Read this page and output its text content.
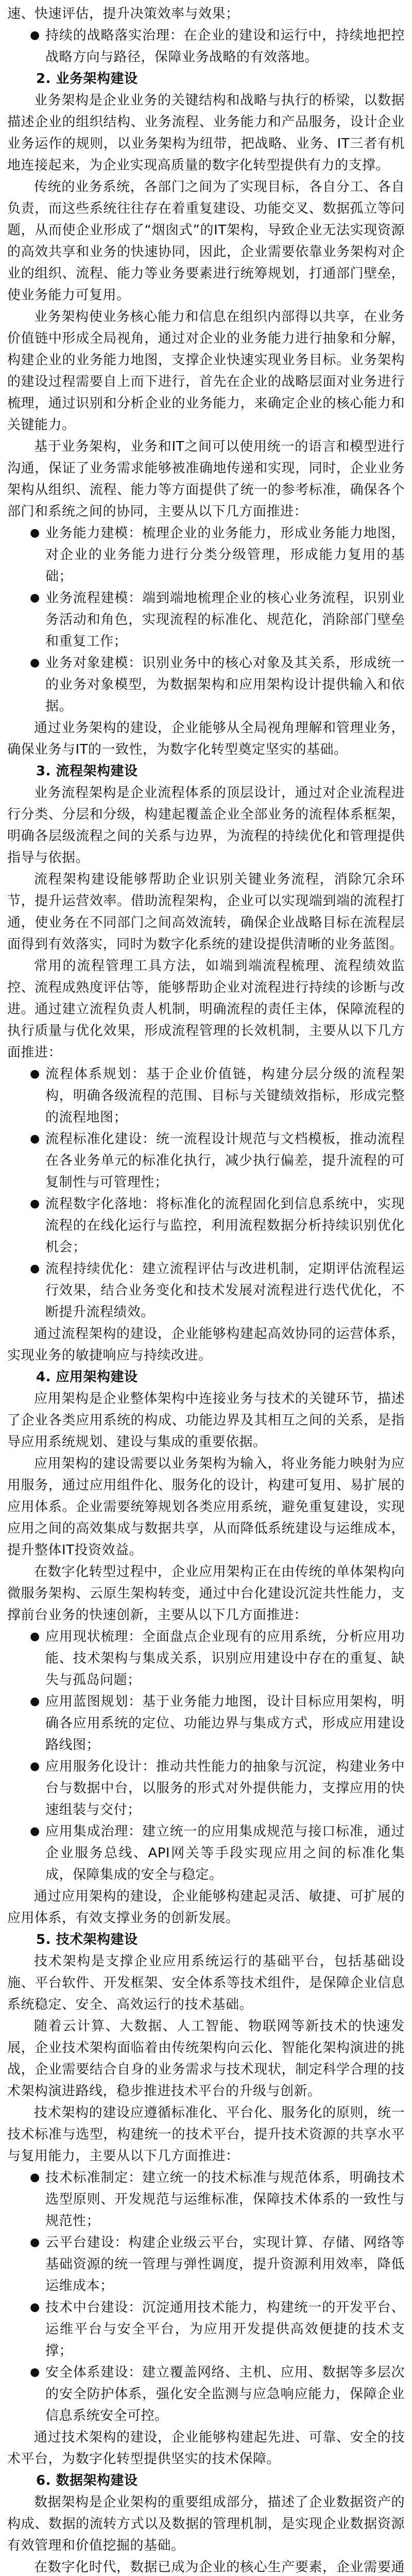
速、快速评估，提升决策效率与效果；

● 持续的战略落实治理：在企业的建设和运行中，持续地把控战略方向与路径，保障业务战略的有效落地。

2. 业务架构建设

业务架构是企业业务的关键结构和战略与执行的桥梁，以数据描述企业的组织结构、业务流程、业务能力和产品服务，设计企业业务运作的规则，以业务架构为纽带，把战略、业务、IT三者有机地连接起来，为企业实现高质量的数字化转型提供有力的支撑。

传统的业务系统，各部门之间为了实现目标，各自分工、各自负责，而这些系统往往存在着重复建设、功能交叉、数据孤立等问题，从而使企业形成了“烟囱式”的IT架构，导致企业无法实现资源的高效共享和业务的快速协同，因此，企业需要依靠业务架构对企业的组织、流程、能力等业务要素进行统筹规划，打通部门壁垒，使业务能力可复用。

业务架构使业务核心能力和信息在组织内部得以共享，在业务价值链中形成全局视角，通过对企业的业务能力进行抽象和分解，构建企业的业务能力地图，支撑企业快速实现业务目标。业务架构的建设过程需要自上而下进行，首先在企业的战略层面对业务进行梳理，通过识别和分析企业的业务能力，来确定企业的核心能力和关键能力。

基于业务架构，业务和IT之间可以使用统一的语言和模型进行沟通，保证了业务需求能够被准确地传递和实现，同时，企业业务架构从组织、流程、能力等方面提供了统一的参考标准，确保各个部门和系统之间的协同，主要从以下几方面推进：

● 业务能力建模：梳理企业的业务能力，形成业务能力地图，对企业的业务能力进行分类分级管理，形成能力复用的基础；

● 业务流程建模：端到端地梳理企业的核心业务流程，识别业务活动和角色，实现流程的标准化、规范化，消除部门壁垒和重复工作；

● 业务对象建模：识别业务中的核心对象及其关系，形成统一的业务对象模型，为数据架构和应用架构设计提供输入和依据。

通过业务架构的建设，企业能够从全局视角理解和管理业务，确保业务与IT的一致性，为数字化转型奠定坚实的基础。

3. 流程架构建设

业务流程架构是企业流程体系的顶层设计，通过对企业流程进行分类、分层和分级，构建起覆盖企业全部业务的流程体系框架，明确各层级流程之间的关系与边界，为流程的持续优化和管理提供指导与依据。

流程架构建设能够帮助企业识别关键业务流程，消除冗余环节，提升运营效率。借助流程架构，企业可以实现端到端的流程打通，使业务在不同部门之间高效流转，确保企业战略目标在流程层面得到有效落实，同时为数字化系统的建设提供清晰的业务蓝图。

常用的流程管理工具方法，如端到端流程梳理、流程绩效监控、流程成熟度评估等，能够帮助企业对流程进行持续的诊断与改进。通过建立流程负责人机制，明确流程的责任主体，保障流程的执行质量与优化效果，形成流程管理的长效机制，主要从以下几方面推进：

● 流程体系规划：基于企业价值链，构建分层分级的流程架构，明确各级流程的范围、目标与关键绩效指标，形成完整的流程地图；

● 流程标准化建设：统一流程设计规范与文档模板，推动流程在各业务单元的标准化执行，减少执行偏差，提升流程的可复制性与可管理性；

● 流程数字化落地：将标准化的流程固化到信息系统中，实现流程的在线化运行与监控，利用流程数据分析持续识别优化机会；

● 流程持续优化：建立流程评估与改进机制，定期评估流程运行效果，结合业务变化和技术发展对流程进行迭代优化，不断提升流程绩效。

通过流程架构的建设，企业能够构建起高效协同的运营体系，实现业务的敏捷响应与持续改进。

4. 应用架构建设

应用架构是企业整体架构中连接业务与技术的关键环节，描述了企业各类应用系统的构成、功能边界及其相互之间的关系，是指导应用系统规划、建设与集成的重要依据。

应用架构的建设需要以业务架构为输入，将业务能力映射为应用服务，通过应用组件化、服务化的设计，构建可复用、易扩展的应用体系。企业需要统筹规划各类应用系统，避免重复建设，实现应用之间的高效集成与数据共享，从而降低系统建设与运维成本，提升整体IT投资效益。

在数字化转型过程中，企业应用架构正在由传统的单体架构向微服务架构、云原生架构转变，通过中台化建设沉淀共性能力，支撑前台业务的快速创新，主要从以下几方面推进：

● 应用现状梳理：全面盘点企业现有的应用系统，分析应用功能、技术架构与集成关系，识别应用建设中存在的重复、缺失与孤岛问题；

● 应用蓝图规划：基于业务能力地图，设计目标应用架构，明确各应用系统的定位、功能边界与集成方式，形成应用建设路线图；

● 应用服务化设计：推动共性能力的抽象与沉淀，构建业务中台与数据中台，以服务的形式对外提供能力，支撑应用的快速组装与交付；

● 应用集成治理：建立统一的应用集成规范与接口标准，通过企业服务总线、API网关等手段实现应用之间的标准化集成，保障集成的安全与稳定。

通过应用架构的建设，企业能够构建起灵活、敏捷、可扩展的应用体系，有效支撑业务的创新发展。

5. 技术架构建设

技术架构是支撑企业应用系统运行的基础平台，包括基础设施、平台软件、开发框架、安全体系等技术组件，是保障企业信息系统稳定、安全、高效运行的技术基础。

随着云计算、大数据、人工智能、物联网等新技术的快速发展，企业技术架构面临着由传统架构向云化、智能化架构演进的挑战，企业需要结合自身的业务需求与技术现状，制定科学合理的技术架构演进路线，稳步推进技术平台的升级与创新。

技术架构的建设应遵循标准化、平台化、服务化的原则，统一技术标准与选型，构建统一的技术平台，提升技术资源的共享水平与复用能力，主要从以下几方面推进：

● 技术标准制定：建立统一的技术标准与规范体系，明确技术选型原则、开发规范与运维标准，保障技术体系的一致性与规范性；

● 云平台建设：构建企业级云平台，实现计算、存储、网络等基础资源的统一管理与弹性调度，提升资源利用效率，降低运维成本；

● 技术中台建设：沉淀通用技术能力，构建统一的开发平台、运维平台与安全平台，为应用开发提供高效便捷的技术支撑；

● 安全体系建设：建立覆盖网络、主机、应用、数据等多层次的安全防护体系，强化安全监测与应急响应能力，保障企业信息系统安全可控。

通过技术架构的建设，企业能够构建起先进、可靠、安全的技术平台，为数字化转型提供坚实的技术保障。

6. 数据架构建设

数据架构是企业架构的重要组成部分，描述了企业数据资产的构成、数据的流转方式以及数据的管理机制，是实现企业数据资源有效管理和价值挖掘的基础。

在数字化时代，数据已成为企业的核心生产要素，企业需要通
